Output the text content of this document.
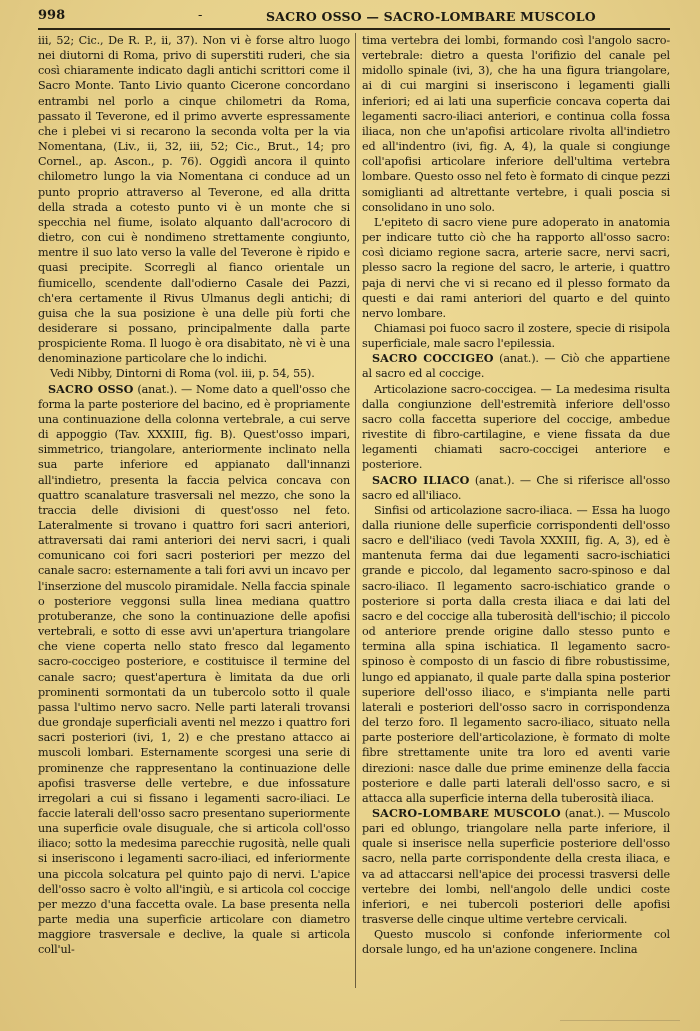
998	-	SACRO OSSO — SACRO-LOMBARE MUSCOLO

iii, 52; Cic., De R. P., ii, 37). Non vi è forse altro luogo nei diutorni di Roma, privo di superstiti ruderi, che sia così chiaramente indicato dagli antichi scrittori come il Sacro Monte. Tanto Livio quanto Cicerone concordano entrambi nel porlo a cinque chilometri da Roma, passato il Teverone, ed il primo avverte espressamente che i plebei vi si recarono la seconda volta per la via Nomentana, (Liv., ii, 32, iii, 52; Cic., Brut., 14; pro Cornel., ap. Ascon., p. 76). Oggidì ancora il quinto chilometro lungo la via Nomentana ci conduce ad un punto proprio attraverso al Teverone, ed alla dritta della strada a cotesto punto vi è un monte che si specchia nel fiume, isolato alquanto dall'acrocoro di dietro, con cui è nondimeno strettamente congiunto, mentre il suo lato verso la valle del Teverone è ripido e quasi precipite. Scorregli al fianco orientale un fiumicello, scendente dall'odierno Casale dei Pazzi, ch'era certamente il Rivus Ulmanus degli antichi; di guisa che la sua posizione è una delle più forti che desiderare si possano, principalmente dalla parte prospiciente Roma. Il luogo è ora disabitato, nè vi è una denominazione particolare che lo indichi.

Vedi Nibby, Dintorni di Roma (vol. iii, p. 54, 55).

SACRO OSSO (anat.). — Nome dato a quell'osso che forma la parte posteriore del bacino, ed è propriamente una continuazione della colonna vertebrale, a cui serve di appoggio (Tav. XXXIII, fig. B). Quest'osso impari, simmetrico, triangolare, anteriormente inclinato nella sua parte inferiore ed appianato dall'innanzi all'indietro, presenta la faccia pelvica concava con quattro scanalature trasversali nel mezzo, che sono la traccia delle divisioni di quest'osso nel feto. Lateralmente si trovano i quattro fori sacri anteriori, attraversati dai rami anteriori dei nervi sacri, i quali comunicano coi fori sacri posteriori per mezzo del canale sacro: esternamente a tali fori avvi un incavo per l'inserzione del muscolo piramidale. Nella faccia spinale o posteriore veggonsi sulla linea mediana quattro protuberanze, che sono la continuazione delle apofisi vertebrali, e sotto di esse avvi un'apertura triangolare che viene coperta nello stato fresco dal legamento sacro-coccigeo posteriore, e costituisce il termine del canale sacro; quest'apertura è limitata da due orli prominenti sormontati da un tubercolo sotto il quale passa l'ultimo nervo sacro. Nelle parti laterali trovansi due grondaje superficiali aventi nel mezzo i quattro fori sacri posteriori (ivi, 1, 2) e che prestano attacco ai muscoli lombari. Esternamente scorgesi una serie di prominenze che rappresentano la continuazione delle apofisi trasverse delle vertebre, e due infossature irregolari a cui si fissano i legamenti sacro-iliaci. Le faccie laterali dell'osso sacro presentano superiormente una superficie ovale disuguale, che si articola coll'osso iliaco; sotto la medesima parecchie rugosità, nelle quali si inseriscono i legamenti sacro-iliaci, ed inferiormente una piccola solcatura pel quinto pajo di nervi. L'apice dell'osso sacro è volto all'ingiù, e si articola col coccige per mezzo d'una faccetta ovale. La base presenta nella parte media una superficie articolare con diametro maggiore trasversale e declive, la quale si articola coll'ul-

tima vertebra dei lombi, formando così l'angolo sacro-vertebrale: dietro a questa l'orifizio del canale pel midollo spinale (ivi, 3), che ha una figura triangolare, ai di cui margini si inseriscono i legamenti gialli inferiori; ed ai lati una superficie concava coperta dai legamenti sacro-iliaci anteriori, e continua colla fossa iliaca, non che un'apofisi articolare rivolta all'indietro ed all'indentro (ivi, fig. A, 4), la quale si congiunge coll'apofisi articolare inferiore dell'ultima vertebra lombare. Questo osso nel feto è formato di cinque pezzi somiglianti ad altrettante vertebre, i quali poscia si consolidano in uno solo.

L'epiteto di sacro viene pure adoperato in anatomia per indicare tutto ciò che ha rapporto all'osso sacro: così diciamo regione sacra, arterie sacre, nervi sacri, plesso sacro la regione del sacro, le arterie, i quattro paja di nervi che vi si recano ed il plesso formato da questi e dai rami anteriori del quarto e del quinto nervo lombare.

Chiamasi poi fuoco sacro il zostere, specie di risipola superficiale, male sacro l'epilessia.

SACRO COCCIGEO (anat.). — Ciò che appartiene al sacro ed al coccige.

Articolazione sacro-coccigea. — La medesima risulta dalla congiunzione dell'estremità inferiore dell'osso sacro colla faccetta superiore del coccige, ambedue rivestite di fibro-cartilagine, e viene fissata da due legamenti chiamati sacro-coccigei anteriore e posteriore.

SACRO ILIACO (anat.). — Che si riferisce all'osso sacro ed all'iliaco.

Sinfisi od articolazione sacro-iliaca. — Essa ha luogo dalla riunione delle superficie corrispondenti dell'osso sacro e dell'iliaco (vedi Tavola XXXIII, fig. A, 3), ed è mantenuta ferma dai due legamenti sacro-ischiatici grande e piccolo, dal legamento sacro-spinoso e dal sacro-iliaco. Il legamento sacro-ischiatico grande o posteriore si porta dalla cresta iliaca e dai lati del sacro e del coccige alla tuberosità dell'ischio; il piccolo od anteriore prende origine dallo stesso punto e termina alla spina ischiatica. Il legamento sacro-spinoso è composto di un fascio di fibre robustissime, lungo ed appianato, il quale parte dalla spina posterior superiore dell'osso iliaco, e s'impianta nelle parti laterali e posteriori dell'osso sacro in corrispondenza del terzo foro. Il legamento sacro-iliaco, situato nella parte posteriore dell'articolazione, è formato di molte fibre strettamente unite tra loro ed aventi varie direzioni: nasce dalle due prime eminenze della faccia posteriore e dalle parti laterali dell'osso sacro, e si attacca alla superficie interna della tuberosità iliaca.

SACRO-LOMBARE MUSCOLO (anat.). — Muscolo pari ed oblungo, triangolare nella parte inferiore, il quale si inserisce nella superficie posteriore dell'osso sacro, nella parte corrispondente della cresta iliaca, e va ad attaccarsi nell'apice dei processi trasversi delle vertebre dei lombi, nell'angolo delle undici coste inferiori, e nei tubercoli posteriori delle apofisi trasverse delle cinque ultime vertebre cervicali.

Questo muscolo si confonde inferiormente col dorsale lungo, ed ha un'azione congenere. Inclina
